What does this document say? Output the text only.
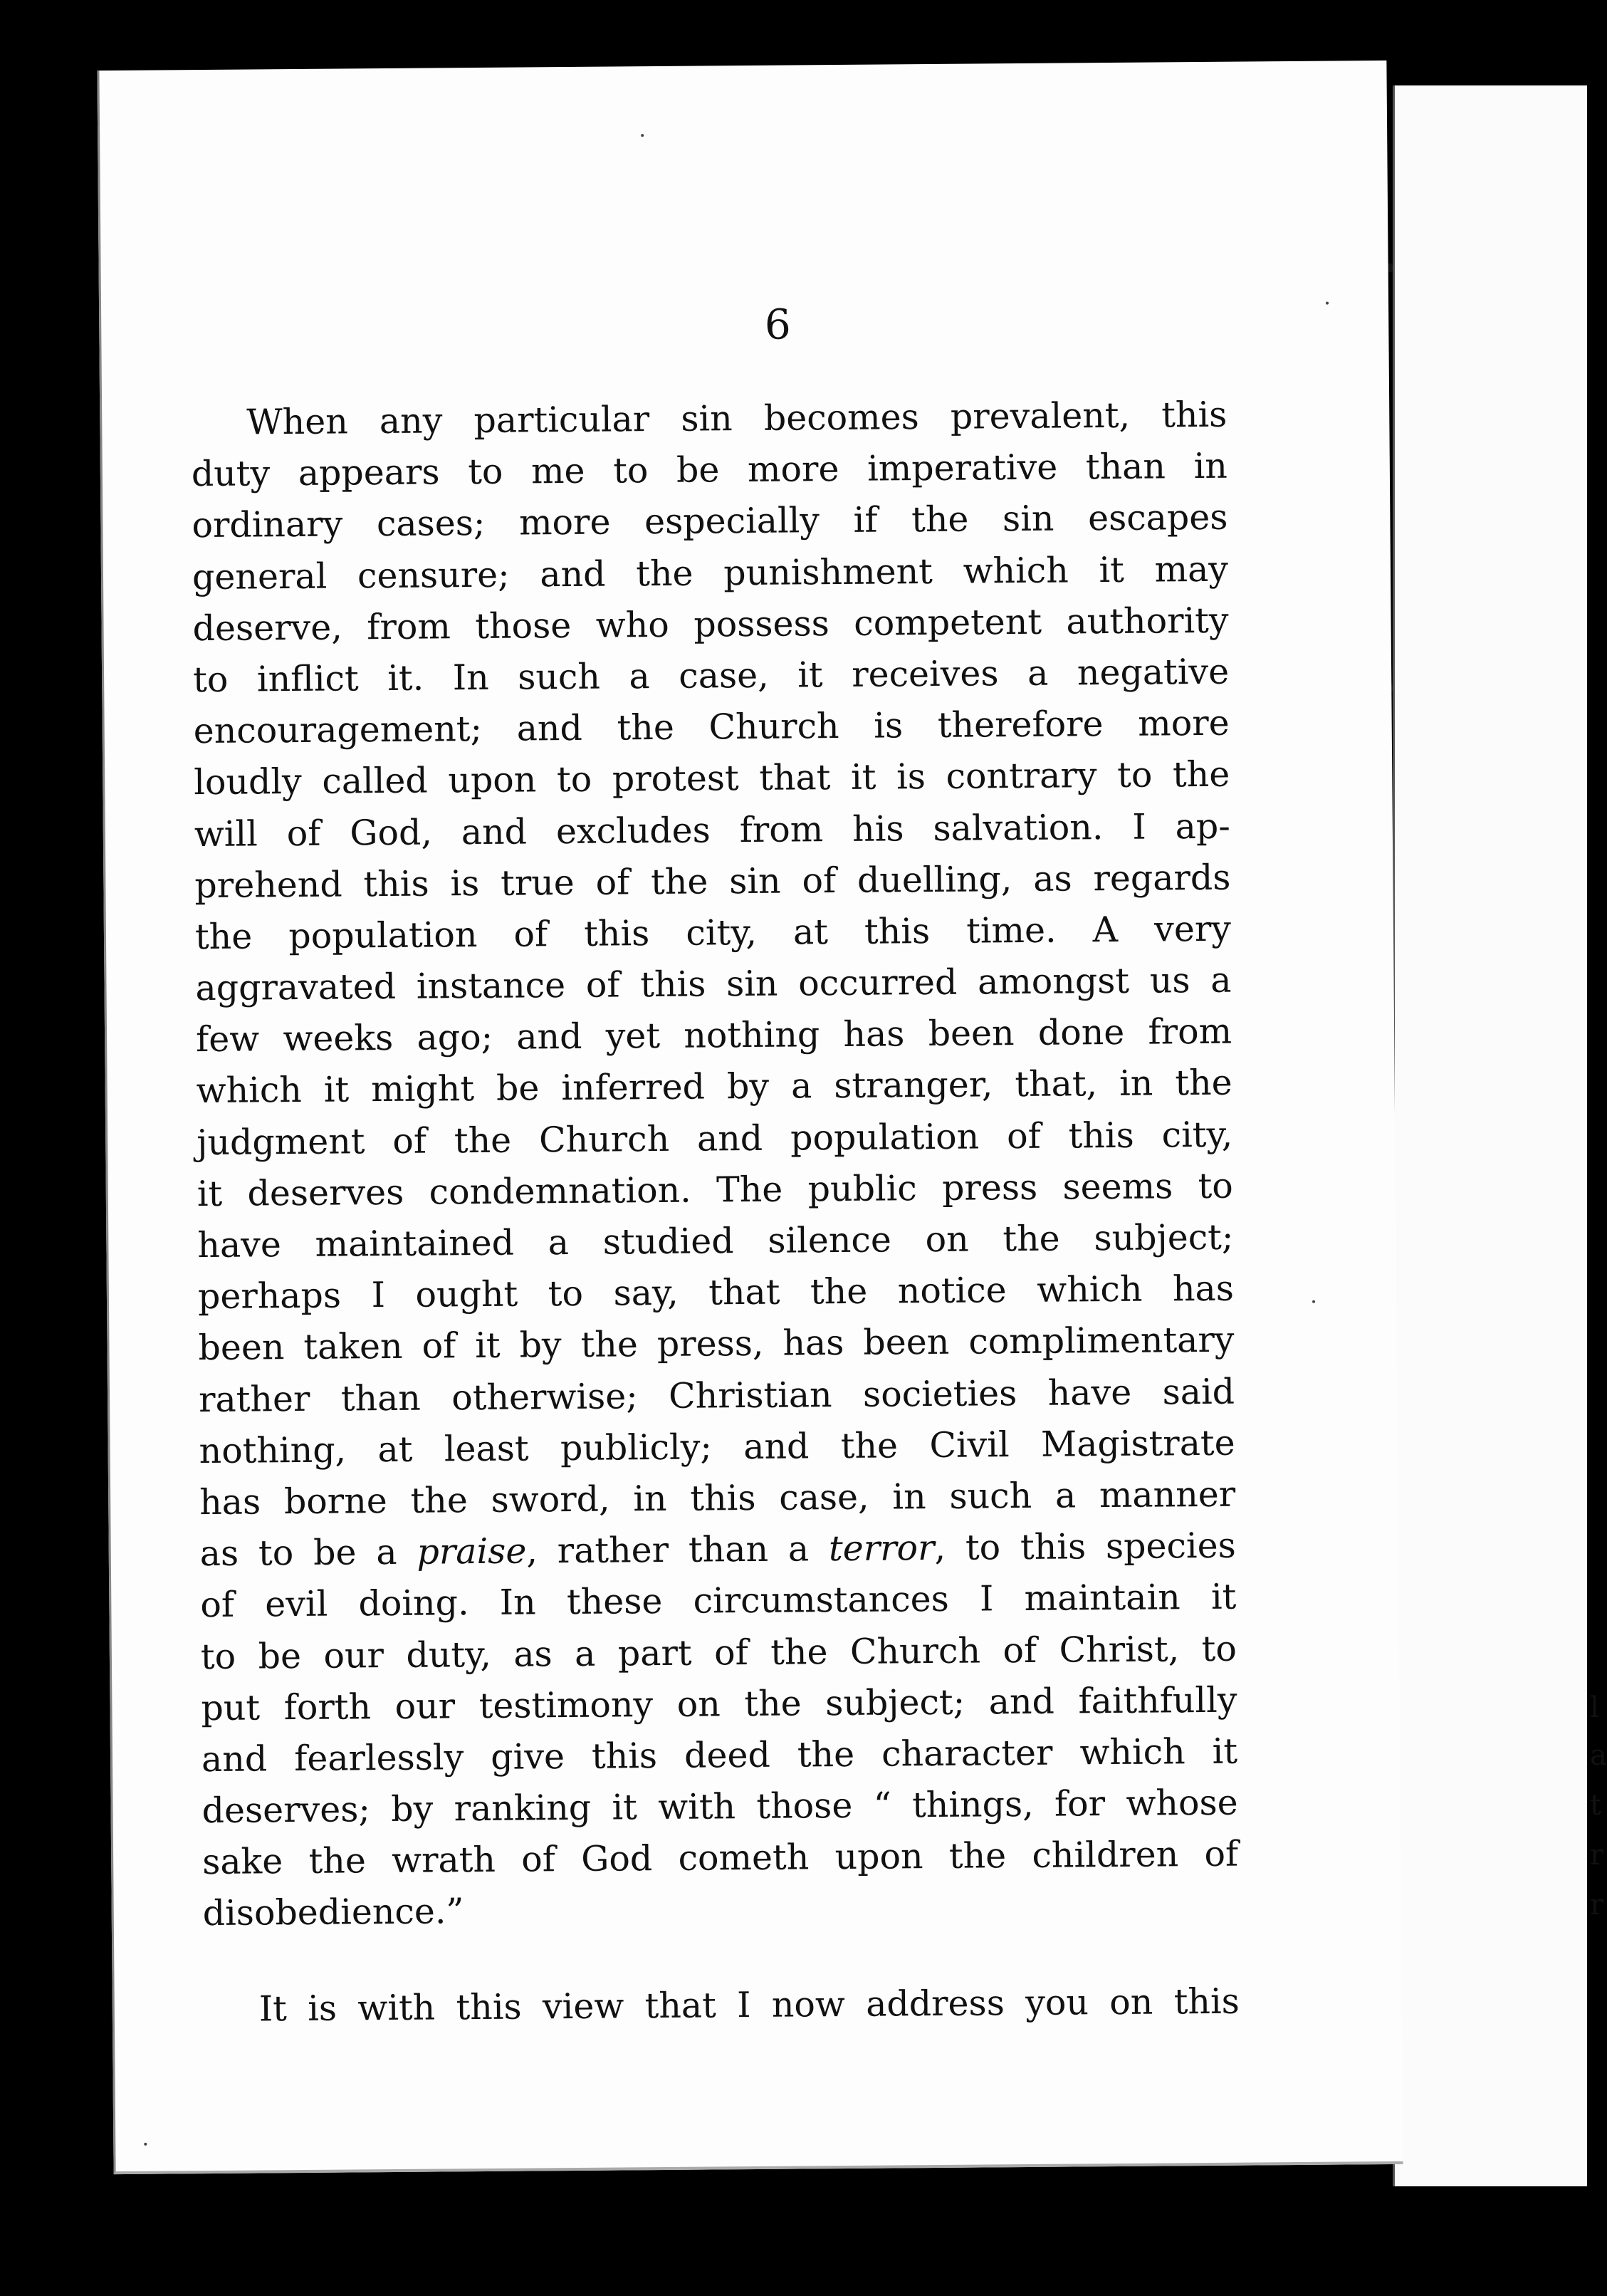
l
a
t
r
r
6
When any particular sin becomes prevalent, this
duty appears to me to be more imperative than in
ordinary cases; more especially if the sin escapes
general censure; and the punishment which it may
deserve, from those who possess competent authority
to inflict it. In such a case, it receives a negative
encouragement; and the Church is therefore more
loudly called upon to protest that it is contrary to the
will of God, and excludes from his salvation. I ap-
prehend this is true of the sin of duelling, as regards
the population of this city, at this time. A very
aggravated instance of this sin occurred amongst us a
few weeks ago; and yet nothing has been done from
which it might be inferred by a stranger, that, in the
judgment of the Church and population of this city,
it deserves condemnation. The public press seems to
have maintained a studied silence on the subject;
perhaps I ought to say, that the notice which has
been taken of it by the press, has been complimentary
rather than otherwise; Christian societies have said
nothing, at least publicly; and the Civil Magistrate
has borne the sword, in this case, in such a manner
as to be a praise, rather than a terror, to this species
of evil doing. In these circumstances I maintain it
to be our duty, as a part of the Church of Christ, to
put forth our testimony on the subject; and faithfully
and fearlessly give this deed the character which it
deserves; by ranking it with those “ things, for whose
sake the wrath of God cometh upon the children of
disobedience.”
It is with this view that I now address you on this
